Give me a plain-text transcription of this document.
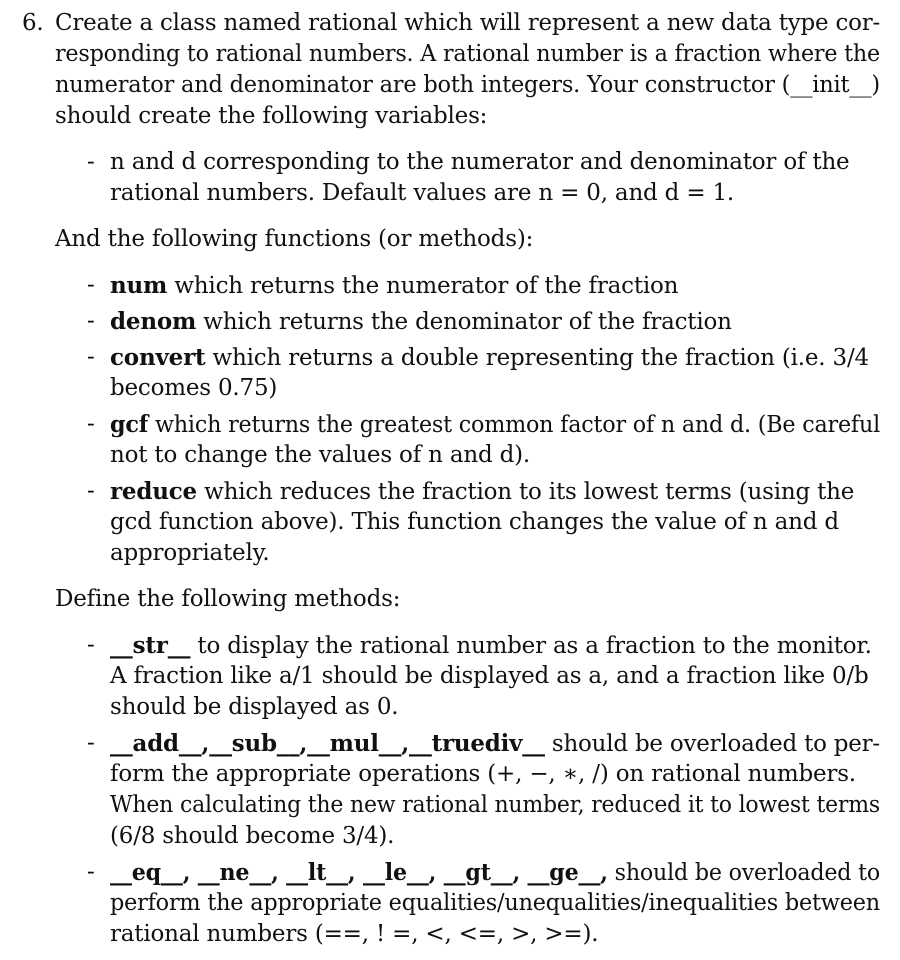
6. Create a class named rational which will represent a new data type cor-

responding to rational numbers. A rational number is a fraction where the

numerator and denominator are both integers. Your constructor (__init__)

should create the following variables:

- n and d corresponding to the numerator and denominator of the

rational numbers. Default values are n = 0, and d = 1.

And the following functions (or methods):

- num which returns the numerator of the fraction

- denom which returns the denominator of the fraction

- convert which returns a double representing the fraction (i.e. 3/4

becomes 0.75)

- gcf which returns the greatest common factor of n and d. (Be careful

not to change the values of n and d).

- reduce which reduces the fraction to its lowest terms (using the

gcd function above). This function changes the value of n and d

appropriately.

Define the following methods:

- __str__ to display the rational number as a fraction to the monitor.

A fraction like a/1 should be displayed as a, and a fraction like 0/b

should be displayed as 0.

- __add__,__sub__,__mul__,__truediv__ should be overloaded to per-

form the appropriate operations (+, −, ∗, /) on rational numbers.

When calculating the new rational number, reduced it to lowest terms

(6/8 should become 3/4).

- __eq__, __ne__, __lt__, __le__, __gt__, __ge__, should be overloaded to

perform the appropriate equalities/unequalities/inequalities between

rational numbers (==, ! =, <, <=, >, >=).
